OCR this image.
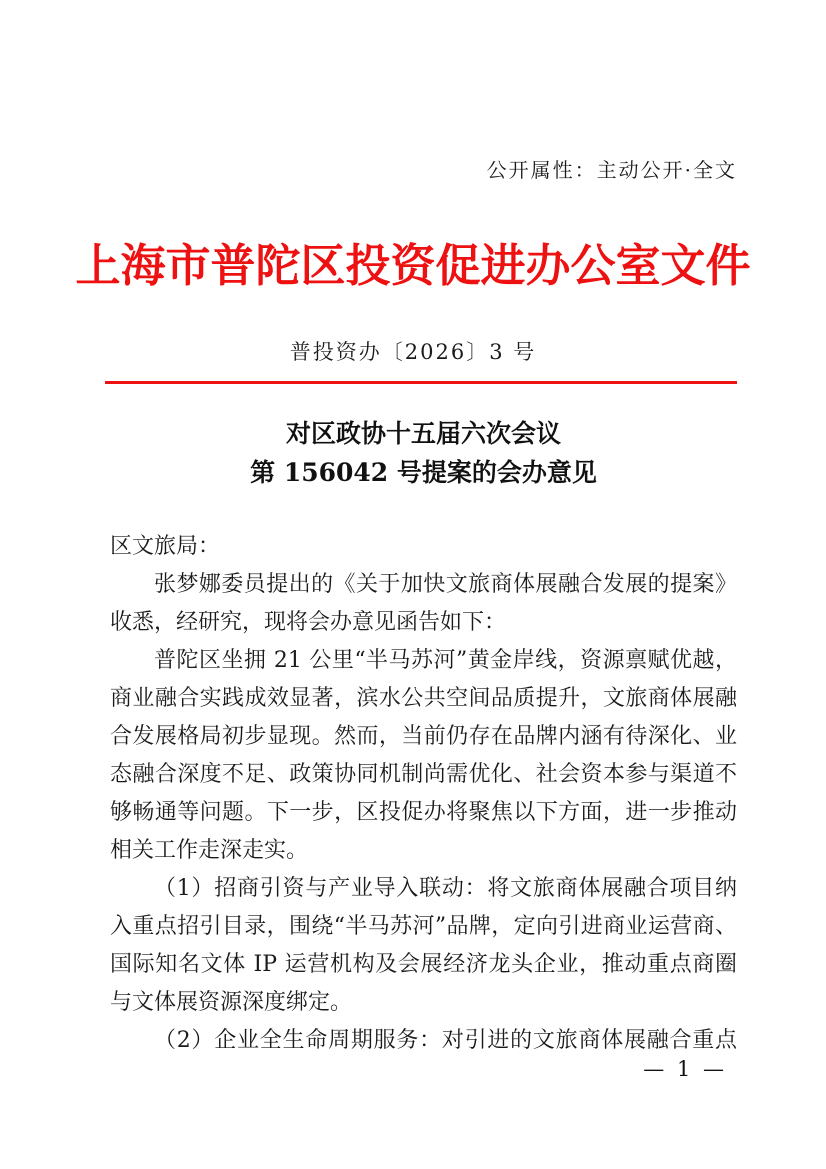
公开属性：主动公开·全文
上海市普陀区投资促进办公室文件
普投资办〔2026〕3 号
对区政协十五届六次会议
第 156042 号提案的会办意见
区文旅局：
张梦娜委员提出的《关于加快文旅商体展融合发展的提案》
收悉，经研究，现将会办意见函告如下：
普陀区坐拥 21 公里“半马苏河”黄金岸线，资源禀赋优越，
商业融合实践成效显著，滨水公共空间品质提升，文旅商体展融
合发展格局初步显现。然而，当前仍存在品牌内涵有待深化、业
态融合深度不足、政策协同机制尚需优化、社会资本参与渠道不
够畅通等问题。下一步，区投促办将聚焦以下方面，进一步推动
相关工作走深走实。
（1）招商引资与产业导入联动：将文旅商体展融合项目纳
入重点招引目录，围绕“半马苏河”品牌，定向引进商业运营商、
国际知名文体 IP 运营机构及会展经济龙头企业，推动重点商圈
与文体展资源深度绑定。
（2）企业全生命周期服务：对引进的文旅商体展融合重点
— 1 —
